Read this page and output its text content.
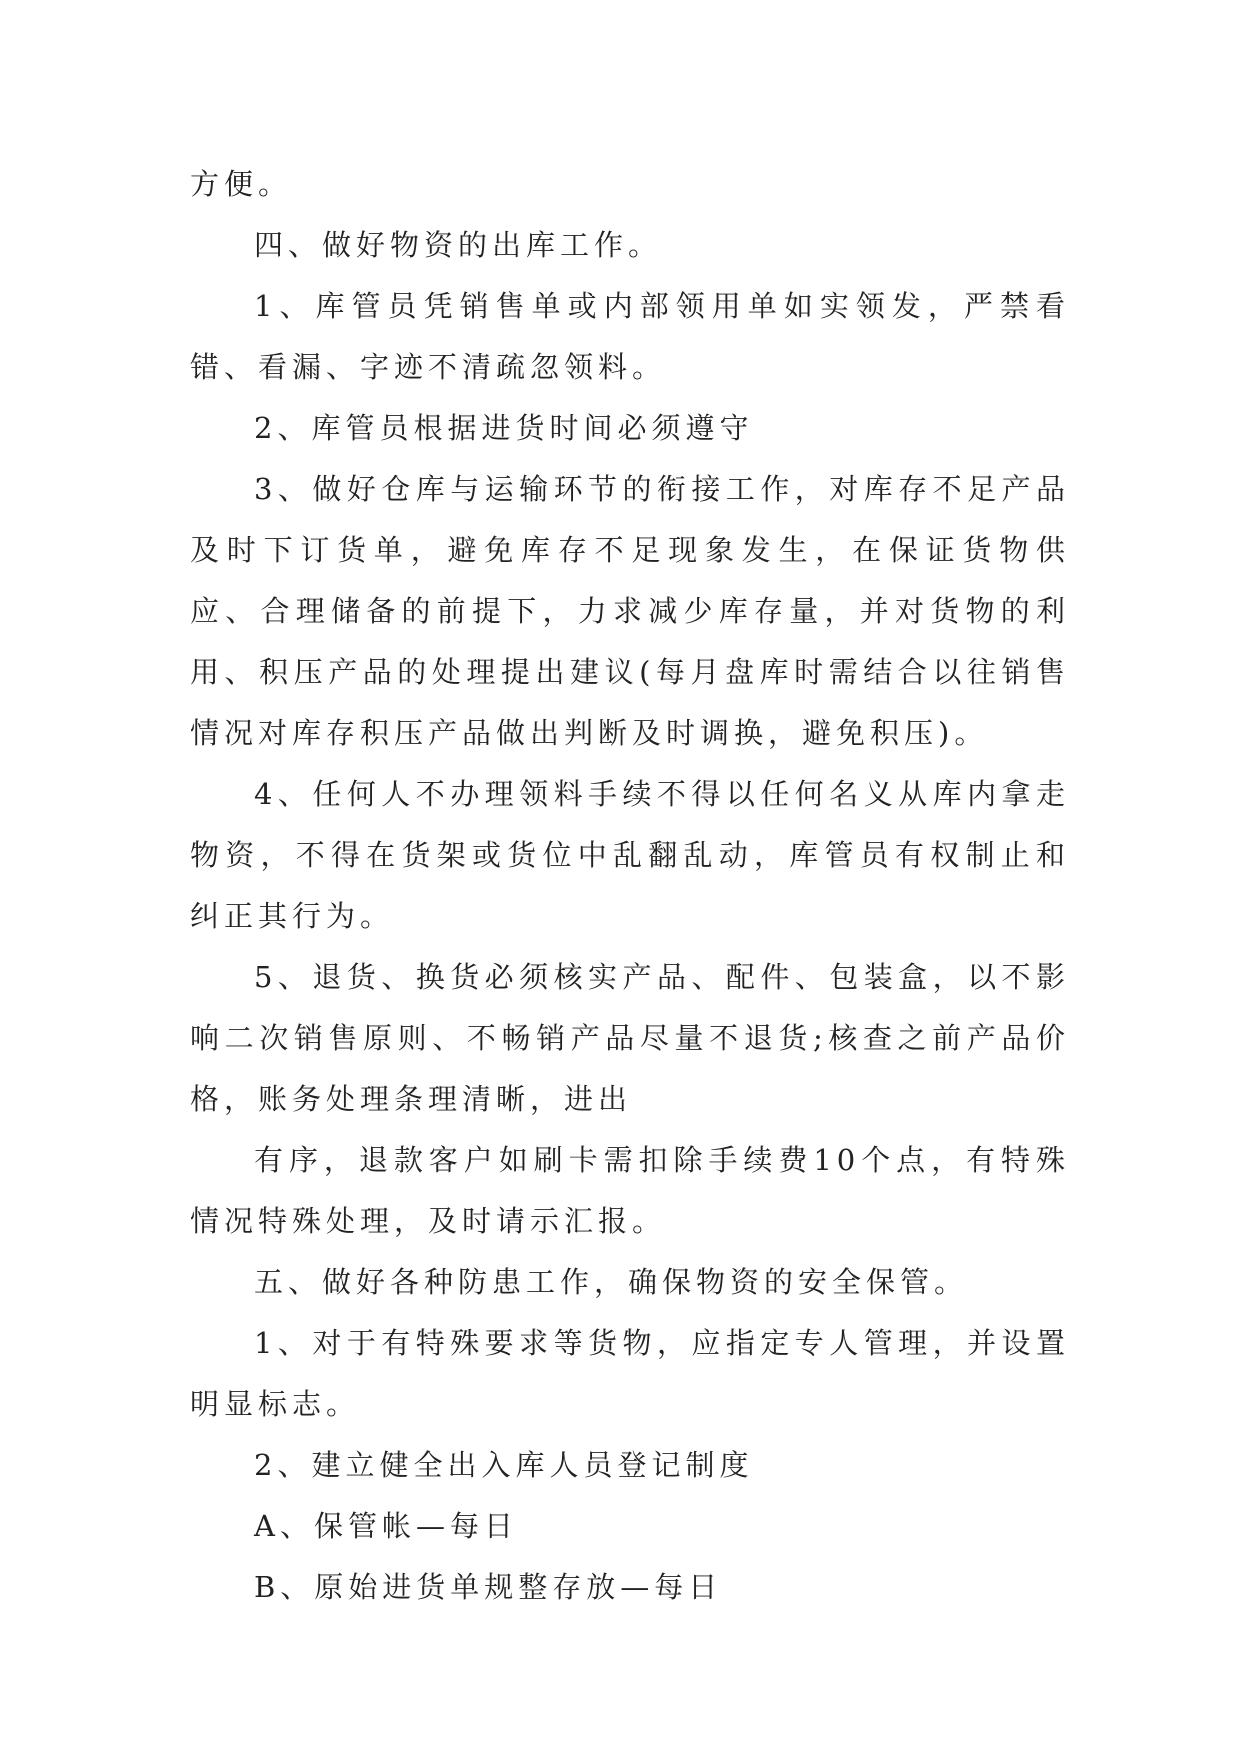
方便。

四、做好物资的出库工作。

1、库管员凭销售单或内部领用单如实领发，严禁看错、看漏、字迹不清疏忽领料。

2、库管员根据进货时间必须遵守

3、做好仓库与运输环节的衔接工作，对库存不足产品及时下订货单，避免库存不足现象发生，在保证货物供应、合理储备的前提下，力求减少库存量，并对货物的利用、积压产品的处理提出建议(每月盘库时需结合以往销售情况对库存积压产品做出判断及时调换，避免积压)。

4、任何人不办理领料手续不得以任何名义从库内拿走物资，不得在货架或货位中乱翻乱动，库管员有权制止和纠正其行为。

5、退货、换货必须核实产品、配件、包装盒，以不影响二次销售原则、不畅销产品尽量不退货;核查之前产品价格，账务处理条理清晰，进出

有序，退款客户如刷卡需扣除手续费10个点，有特殊情况特殊处理，及时请示汇报。

五、做好各种防患工作，确保物资的安全保管。

1、对于有特殊要求等货物，应指定专人管理，并设置明显标志。

2、建立健全出入库人员登记制度

A、保管帐—每日

B、原始进货单规整存放—每日
